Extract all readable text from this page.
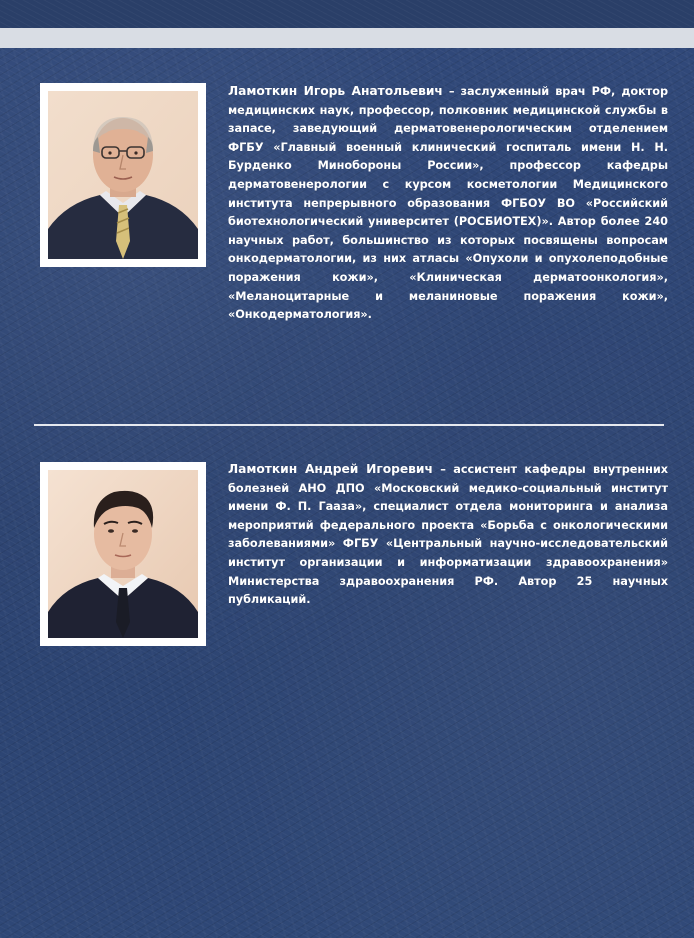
Ламоткин Игорь Анатольевич – заслуженный врач РФ, доктор медицинских наук, профессор, полковник медицинской службы в запасе, заведующий дерматовенерологическим отделением ФГБУ «Главный военный клинический госпиталь имени Н. Н. Бурденко Минобороны России», профессор кафедры дерматовенерологии с курсом косметологии Медицинского института непрерывного образования ФГБОУ ВО «Российский биотехнологический университет (РОСБИОТЕХ)». Автор более 240 научных работ, большинство из которых посвящены вопросам онкодерматологии, из них атласы «Опухоли и опухолеподобные поражения кожи», «Клиническая дерматоонкология», «Меланоцитарные и меланиновые поражения кожи», «Онкодерматология».

Ламоткин Андрей Игоревич – ассистент кафедры внутренних болезней АНО ДПО «Московский медико-социальный институт имени Ф. П. Гааза», специалист отдела мониторинга и анализа мероприятий федерального проекта «Борьба с онкологическими заболеваниями» ФГБУ «Центральный научно-исследовательский институт организации и информатизации здравоохранения» Министерства здравоохранения РФ. Автор 25 научных публикаций.
